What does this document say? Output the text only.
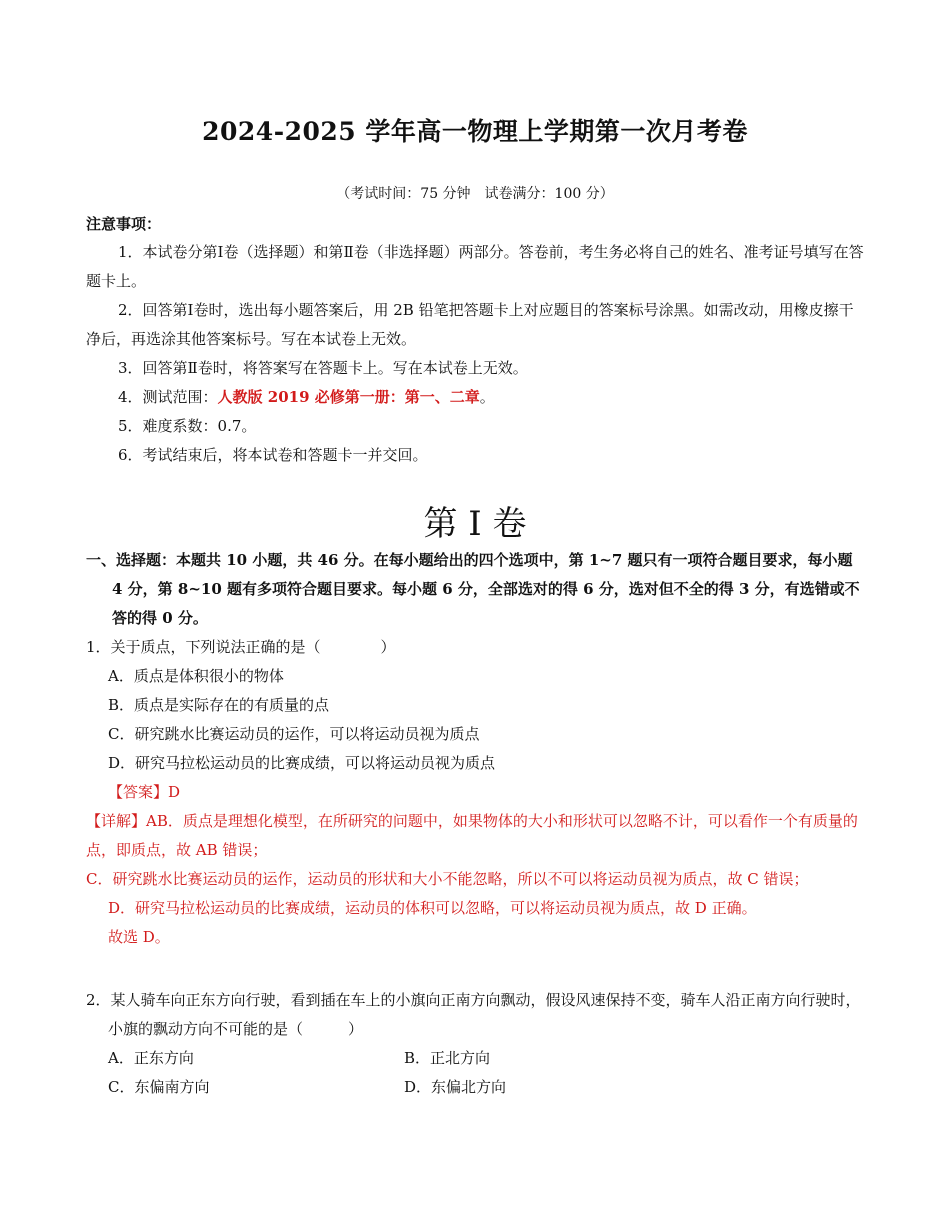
2024-2025 学年高一物理上学期第一次月考卷
（考试时间：75 分钟　试卷满分：100 分）
注意事项：

1．本试卷分第Ⅰ卷（选择题）和第Ⅱ卷（非选择题）两部分。答卷前，考生务必将自己的姓名、准考证号填写在答题卡上。

2．回答第Ⅰ卷时，选出每小题答案后，用 2B 铅笔把答题卡上对应题目的答案标号涂黑。如需改动，用橡皮擦干净后，再选涂其他答案标号。写在本试卷上无效。

3．回答第Ⅱ卷时，将答案写在答题卡上。写在本试卷上无效。

4．测试范围：人教版 2019 必修第一册：第一、二章。

5．难度系数：0.7。

6．考试结束后，将本试卷和答题卡一并交回。

第 I 卷

一、选择题：本题共 10 小题，共 46 分。在每小题给出的四个选项中，第 1~7 题只有一项符合题目要求，每小题 4 分，第 8~10 题有多项符合题目要求。每小题 6 分，全部选对的得 6 分，选对但不全的得 3 分，有选错或不答的得 0 分。

1．关于质点，下列说法正确的是（　　　　）

A．质点是体积很小的物体

B．质点是实际存在的有质量的点

C．研究跳水比赛运动员的运作，可以将运动员视为质点

D．研究马拉松运动员的比赛成绩，可以将运动员视为质点

【答案】D

【详解】AB．质点是理想化模型，在所研究的问题中，如果物体的大小和形状可以忽略不计，可以看作一个有质量的点，即质点，故 AB 错误；

C．研究跳水比赛运动员的运作，运动员的形状和大小不能忽略，所以不可以将运动员视为质点，故 C 错误；

D．研究马拉松运动员的比赛成绩，运动员的体积可以忽略，可以将运动员视为质点，故 D 正确。

故选 D。

2．某人骑车向正东方向行驶，看到插在车上的小旗向正南方向飘动，假设风速保持不变，骑车人沿正南方向行驶时，小旗的飘动方向不可能的是（　　　）

A．正东方向	B．正北方向
C．东偏南方向	D．东偏北方向
